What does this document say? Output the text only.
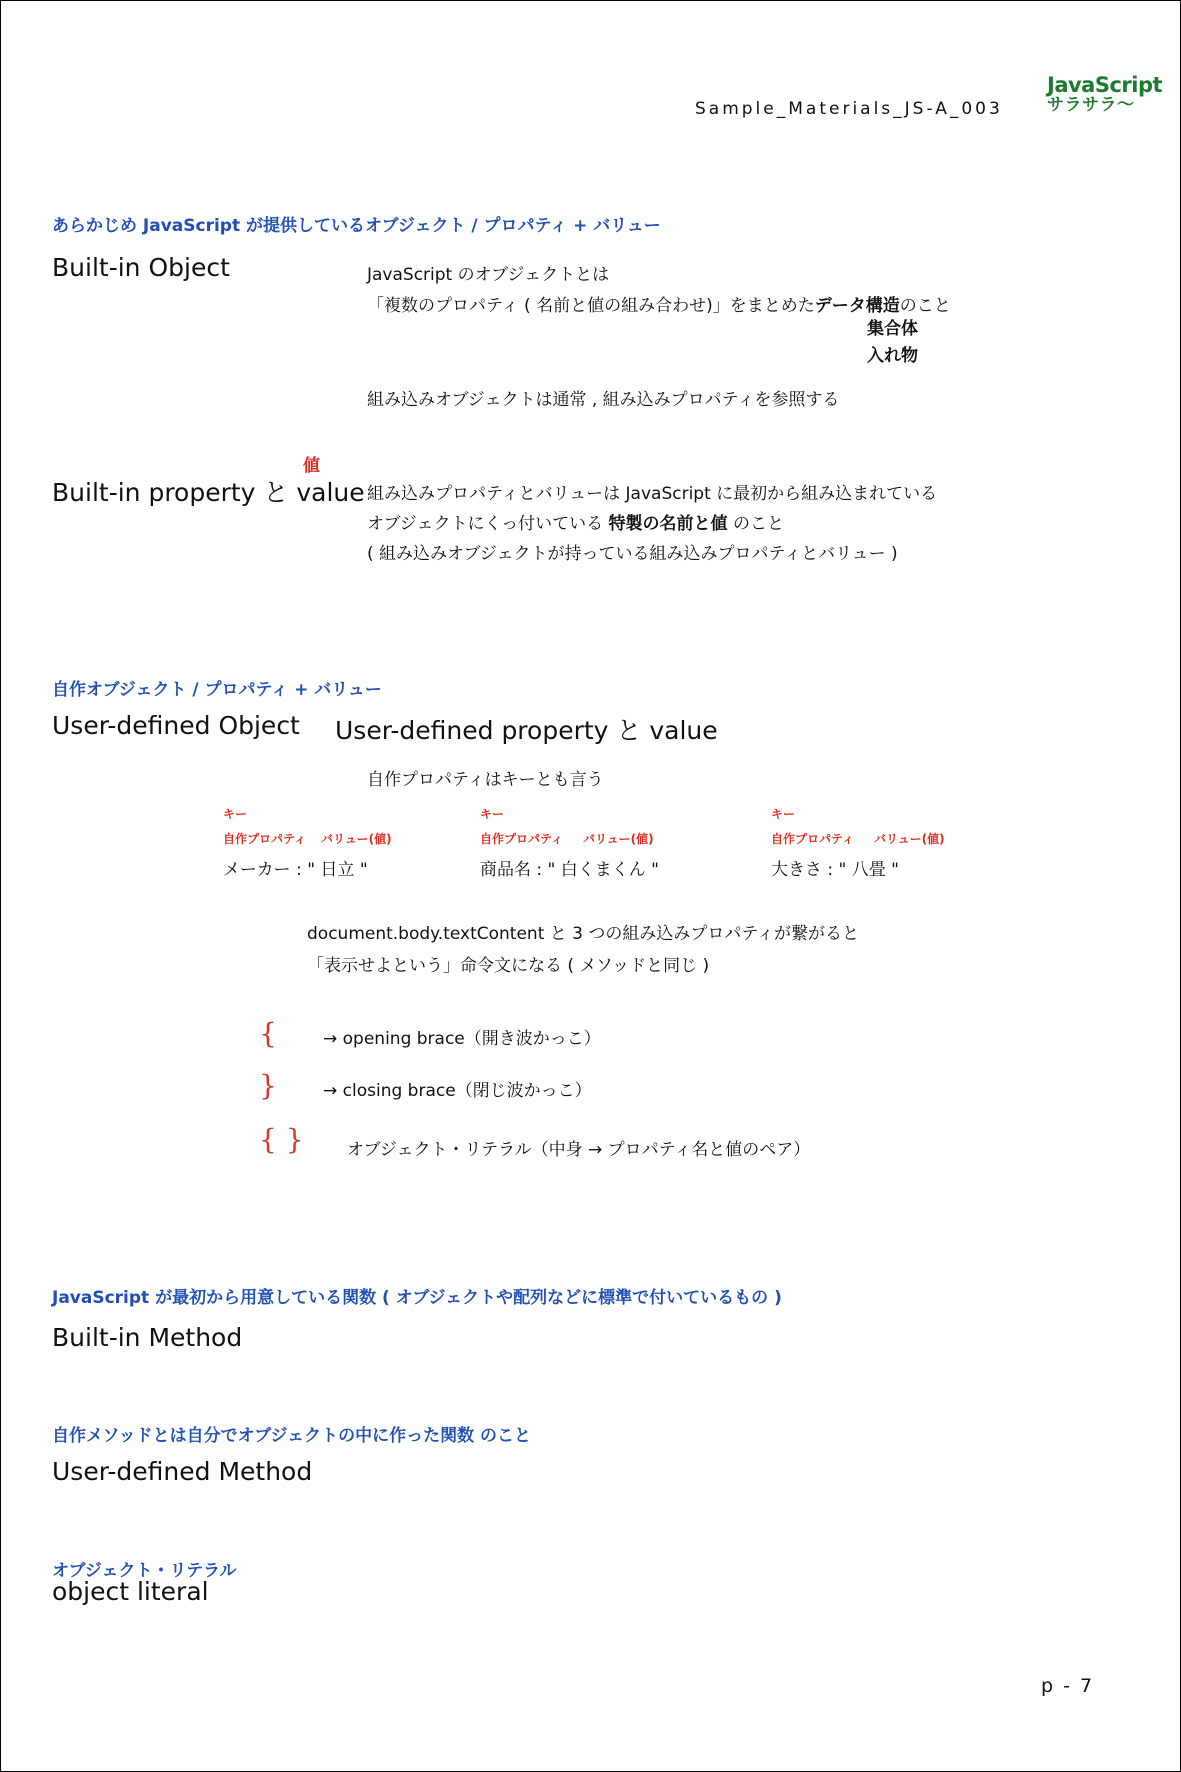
Sample_Materials_JS-A_003
JavaScript
サラサラ〜
あらかじめ JavaScript が提供しているオブジェクト / プロパティ + バリュー
Built-in Object	JavaScript のオブジェクトとは
「複数のプロパティ ( 名前と値の組み合わせ)」をまとめたデータ構造のこと
集合体
入れ物
組み込みオブジェクトは通常 , 組み込みプロパティを参照する
値
Built-in property と value 組み込みプロパティとバリューは JavaScript に最初から組み込まれている
オブジェクトにくっ付いている 特製の名前と値 のこと
( 組み込みオブジェクトが持っている組み込みプロパティとバリュー )
自作オブジェクト / プロパティ + バリュー
User-defined Object User-defined property と value
自作プロパティはキーとも言う
キー
自作プロパティ バリュー(値)
メーカー : " 日立 "
キー
自作プロパティ バリュー(値)
商品名 : " 白くまくん "
キー
自作プロパティ バリュー(値)
大きさ : " 八畳 "
document.body.textContent と 3 つの組み込みプロパティが繋がると
「表示せよという」命令文になる ( メソッドと同じ )
{	→ opening brace（開き波かっこ）
}	→ closing brace（閉じ波かっこ）
{ }	オブジェクト・リテラル（中身 → プロパティ名と値のペア）
JavaScript が最初から用意している関数 ( オブジェクトや配列などに標準で付いているもの )
Built-in Method
自作メソッドとは自分でオブジェクトの中に作った関数 のこと
User-defined Method
オブジェクト・リテラル
object literal
p - 7
